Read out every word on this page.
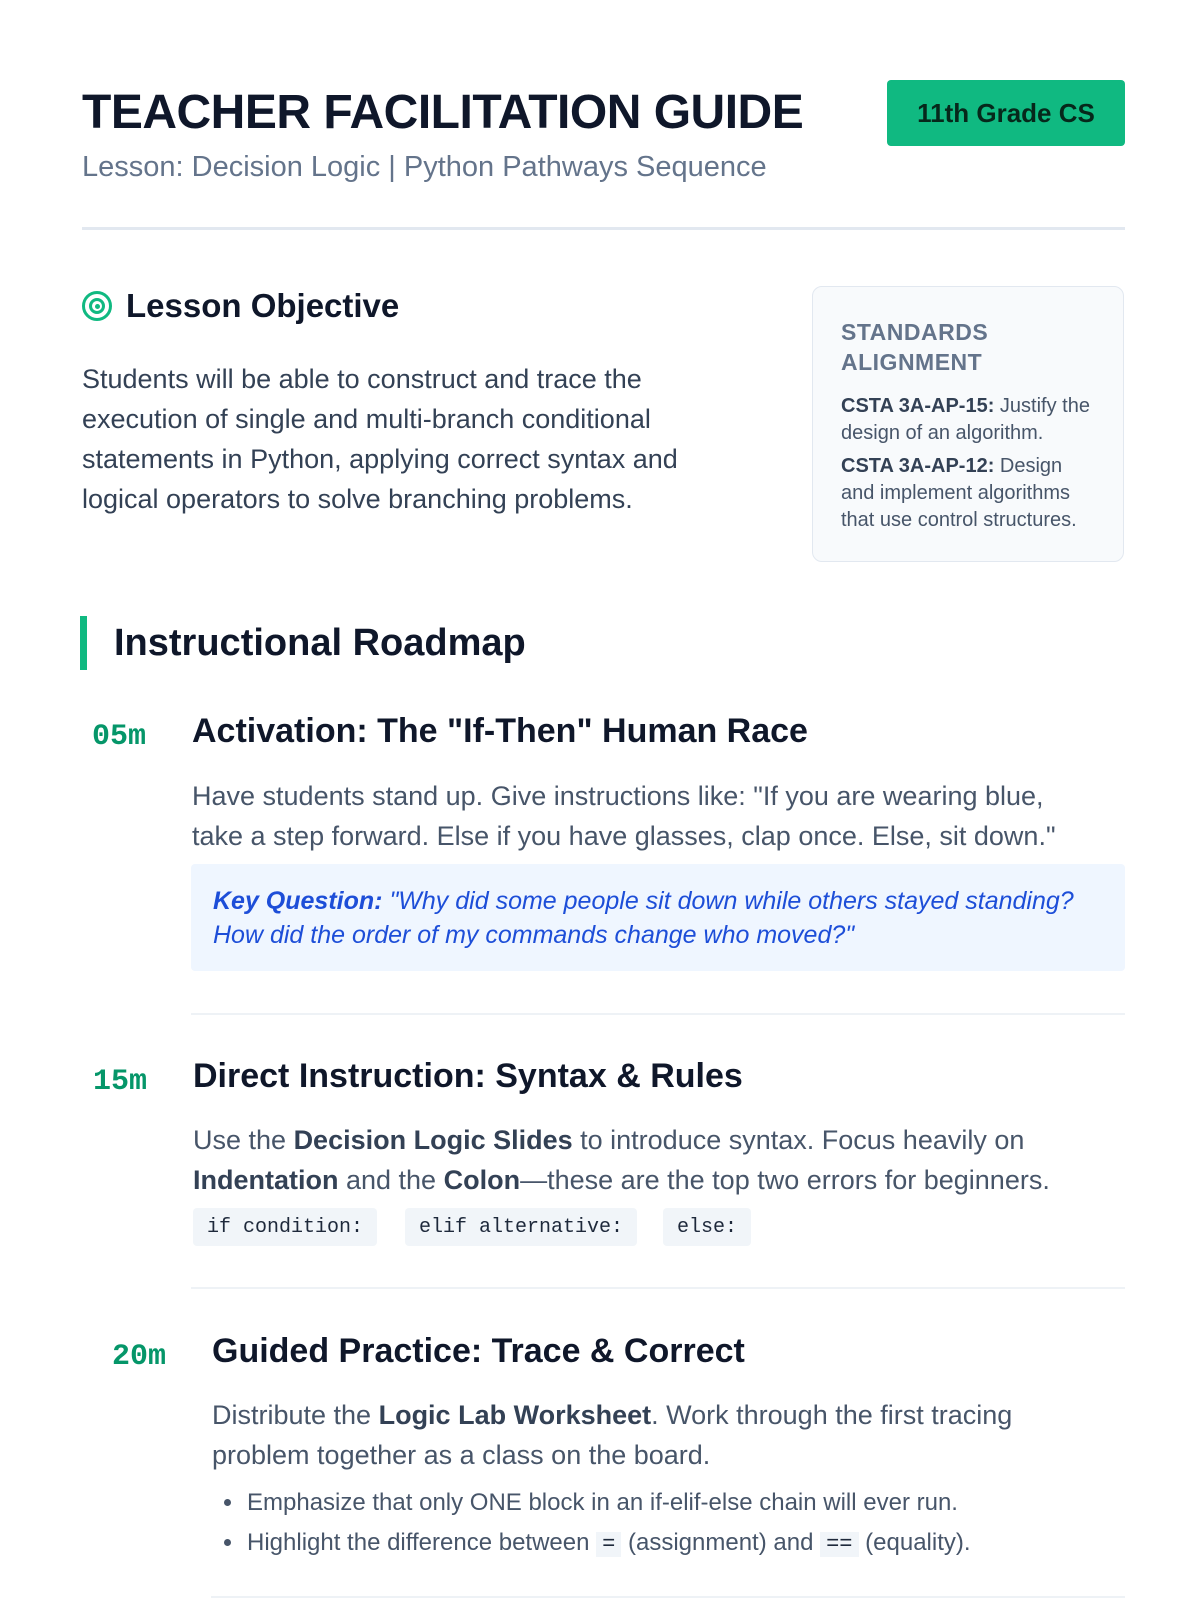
TEACHER FACILITATION GUIDE

Lesson: Decision Logic | Python Pathways Sequence

11th Grade CS
Lesson Objective

Students will be able to construct and trace the execution of single and multi-branch conditional statements in Python, applying correct syntax and logical operators to solve branching problems.

STANDARDS ALIGNMENT

CSTA 3A-AP-15: Justify the design of an algorithm.

CSTA 3A-AP-12: Design and implement algorithms that use control structures.

Instructional Roadmap
05m Activation: The "If-Then" Human Race

Have students stand up. Give instructions like: "If you are wearing blue, take a step forward. Else if you have glasses, clap once. Else, sit down."

Key Question: "Why did some people sit down while others stayed standing? How did the order of my commands change who moved?"
15m Direct Instruction: Syntax & Rules

Use the Decision Logic Slides to introduce syntax. Focus heavily on Indentation and the Colon—these are the top two errors for beginners.

if condition:	elif alternative:	else:
20m Guided Practice: Trace & Correct

Distribute the Logic Lab Worksheet. Work through the first tracing problem together as a class on the board.

• Emphasize that only ONE block in an if-elif-else chain will ever run.
• Highlight the difference between = (assignment) and == (equality).
